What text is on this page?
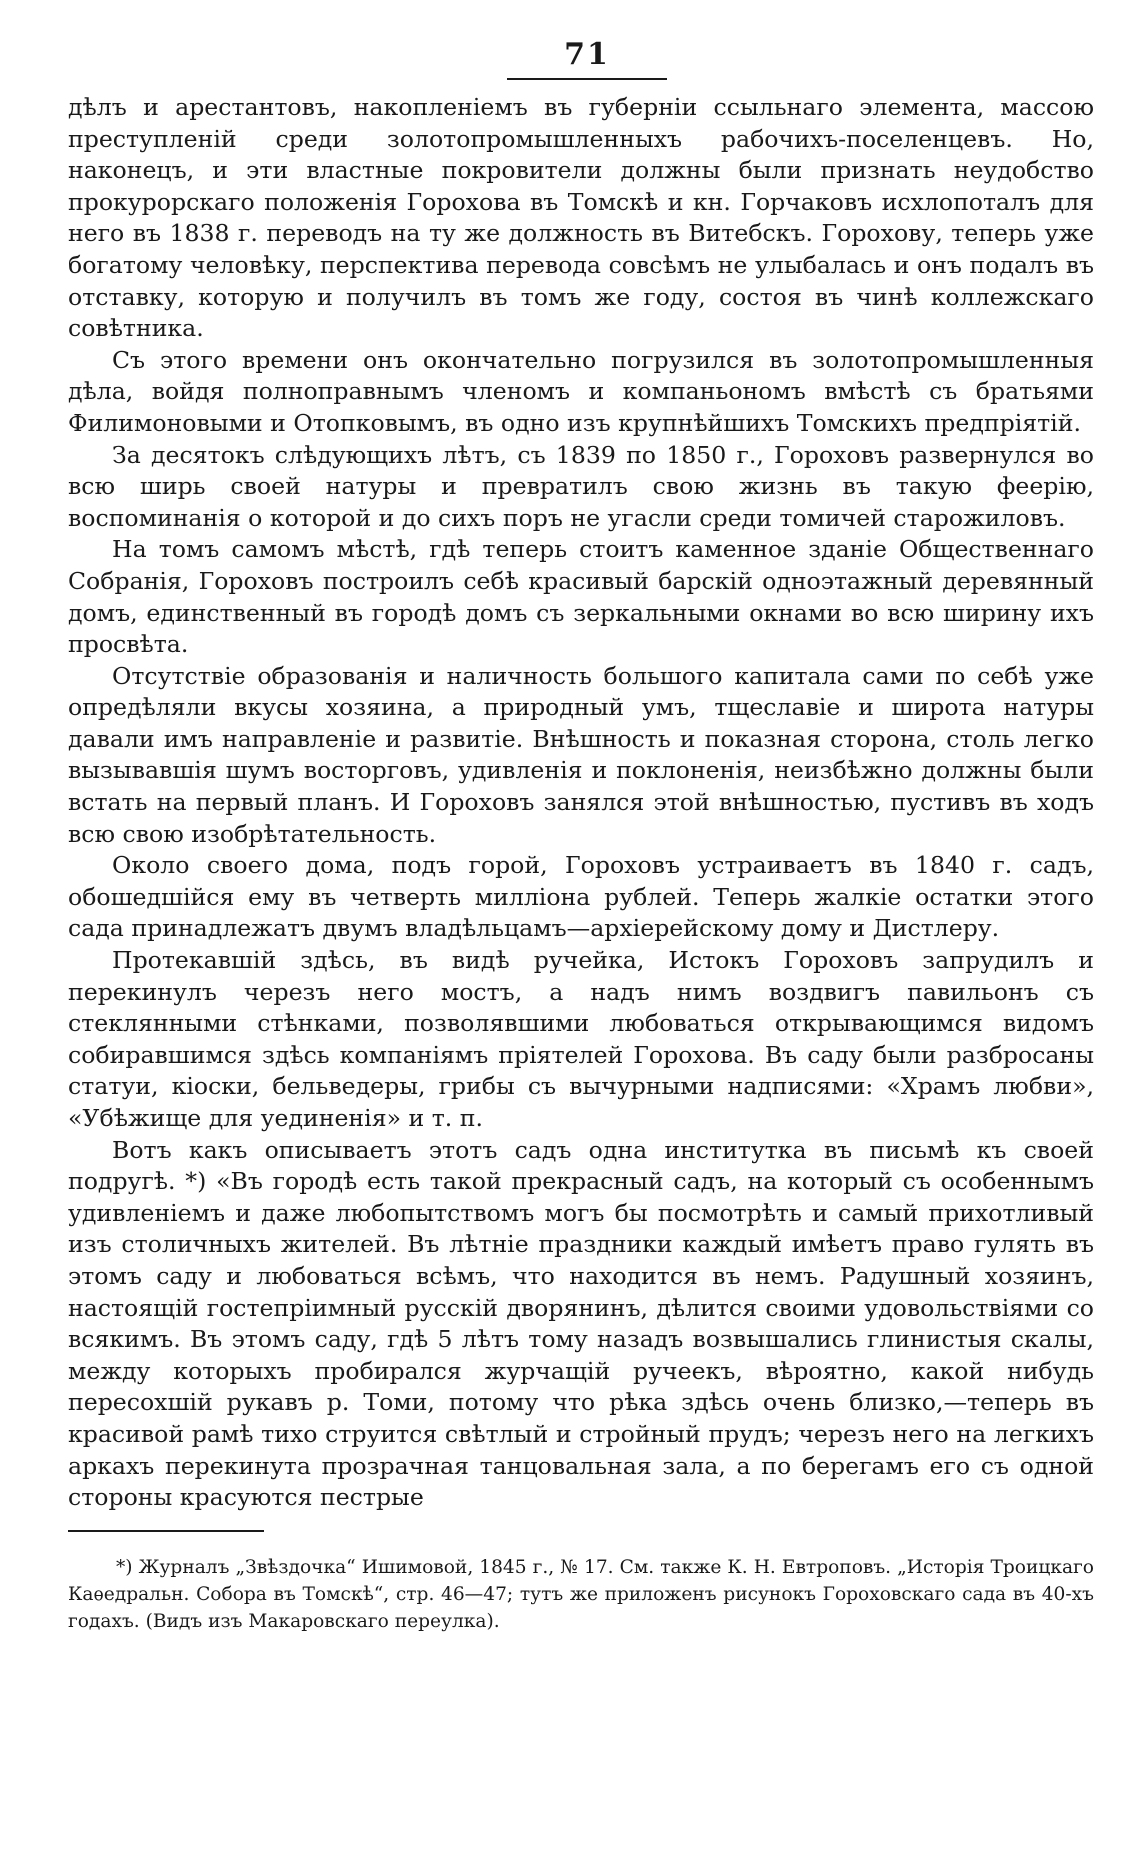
71

дѣлъ и арестантовъ, накопленіемъ въ губерніи ссыльнаго элемента, массою преступленій среди золотопромышленныхъ рабочихъ-поселенцевъ. Но, наконецъ, и эти властные покровители должны были признать неудобство прокурорскаго положенія Горохова въ Томскѣ и кн. Горчаковъ исхлопоталъ для него въ 1838 г. переводъ на ту же должность въ Витебскъ. Горохову, теперь уже богатому человѣку, перспектива перевода совсѣмъ не улыбалась и онъ подалъ въ отставку, которую и получилъ въ томъ же году, состоя въ чинѣ коллежскаго совѣтника.

Съ этого времени онъ окончательно погрузился въ золотопромышленныя дѣла, войдя полноправнымъ членомъ и компаньономъ вмѣстѣ съ братьями Филимоновыми и Отопковымъ, въ одно изъ крупнѣйшихъ Томскихъ предпріятій.

За десятокъ слѣдующихъ лѣтъ, съ 1839 по 1850 г., Гороховъ развернулся во всю ширь своей натуры и превратилъ свою жизнь въ такую феерію, воспоминанія о которой и до сихъ поръ не угасли среди томичей старожиловъ.

На томъ самомъ мѣстѣ, гдѣ теперь стоитъ каменное зданіе Общественнаго Собранія, Гороховъ построилъ себѣ красивый барскій одноэтажный деревянный домъ, единственный въ городѣ домъ съ зеркальными окнами во всю ширину ихъ просвѣта.

Отсутствіе образованія и наличность большого капитала сами по себѣ уже опредѣляли вкусы хозяина, а природный умъ, тщеславіе и широта натуры давали имъ направленіе и развитіе. Внѣшность и показная сторона, столь легко вызывавшія шумъ восторговъ, удивленія и поклоненія, неизбѣжно должны были встать на первый планъ. И Гороховъ занялся этой внѣшностью, пустивъ въ ходъ всю свою изобрѣтательность.

Около своего дома, подъ горой, Гороховъ устраиваетъ въ 1840 г. садъ, обошедшійся ему въ четверть милліона рублей. Теперь жалкіе остатки этого сада принадлежатъ двумъ владѣльцамъ—архіерейскому дому и Дистлеру.

Протекавшій здѣсь, въ видѣ ручейка, Истокъ Гороховъ запрудилъ и перекинулъ черезъ него мостъ, а надъ нимъ воздвигъ павильонъ съ стеклянными стѣнками, позволявшими любоваться открывающимся видомъ собиравшимся здѣсь компаніямъ пріятелей Горохова. Въ саду были разбросаны статуи, кіоски, бельведеры, грибы съ вычурными надписями: «Храмъ любви», «Убѣжище для уединенія» и т. п.

Вотъ какъ описываетъ этотъ садъ одна институтка въ письмѣ къ своей подругѣ. *) «Въ городѣ есть такой прекрасный садъ, на который съ особеннымъ удивленіемъ и даже любопытствомъ могъ бы посмотрѣть и самый прихотливый изъ столичныхъ жителей. Въ лѣтніе праздники каждый имѣетъ право гулять въ этомъ саду и любоваться всѣмъ, что находится въ немъ. Радушный хозяинъ, настоящій гостепріимный русскій дворянинъ, дѣлится своими удовольствіями со всякимъ. Въ этомъ саду, гдѣ 5 лѣтъ тому назадъ возвышались глинистыя скалы, между которыхъ пробирался журчащій ручеекъ, вѣроятно, какой нибудь пересохшій рукавъ р. Томи, потому что рѣка здѣсь очень близко,—теперь въ красивой рамѣ тихо струится свѣтлый и стройный прудъ; черезъ него на легкихъ аркахъ перекинута прозрачная танцовальная зала, а по берегамъ его съ одной стороны красуются пестрые

*) Журналъ „Звѣздочка“ Ишимовой, 1845 г., № 17. См. также К. Н. Евтроповъ. „Исторія Троицкаго Каѳедральн. Собора въ Томскѣ“, стр. 46—47; тутъ же приложенъ рисунокъ Гороховскаго сада въ 40-хъ годахъ. (Видъ изъ Макаровскаго переулка).
